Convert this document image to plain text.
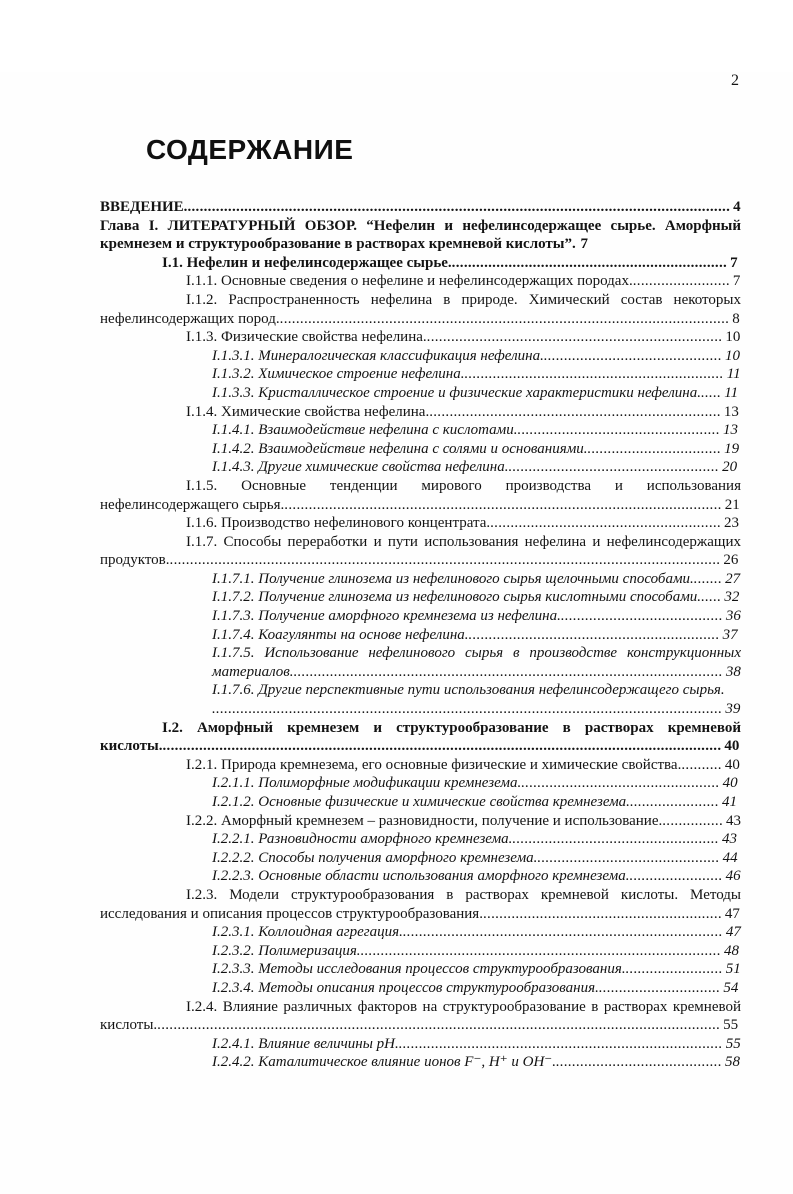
2
СОДЕРЖАНИЕ
ВВЕДЕНИЕ....................................................................................................................................... 4
Глава I. ЛИТЕРАТУРНЫЙ ОБЗОР. “Нефелин и нефелинсодержащее сырье. Аморфный кремнезем и структурообразование в растворах кремневой кислоты”. 7
I.1. Нефелин и нефелинсодержащее сырье..................................................................... 7
I.1.1. Основные сведения о нефелине и нефелинсодержащих породах......................... 7
I.1.2. Распространенность нефелина в природе. Химический состав некоторых нефелинсодержащих пород................................................................................................................ 8
I.1.3. Физические свойства нефелина.......................................................................... 10
I.1.3.1. Минералогическая классификация нефелина............................................. 10
I.1.3.2. Химическое строение нефелина................................................................. 11
I.1.3.3. Кристаллическое строение и физические характеристики нефелина...... 11
I.1.4. Химические свойства нефелина......................................................................... 13
I.1.4.1. Взаимодействие нефелина с кислотами................................................... 13
I.1.4.2. Взаимодействие нефелина с солями и основаниями.................................. 19
I.1.4.3. Другие химические свойства нефелина..................................................... 20
I.1.5. Основные тенденции мирового производства и использования нефелинсодержащего сырья............................................................................................................. 21
I.1.6. Производство нефелинового концентрата.......................................................... 23
I.1.7. Способы переработки и пути использования нефелина и нефелинсодержащих продуктов......................................................................................................................................... 26
I.1.7.1. Получение глинозема из нефелинового сырья щелочными способами........ 27
I.1.7.2. Получение глинозема из нефелинового сырья кислотными способами...... 32
I.1.7.3. Получение аморфного кремнезема из нефелина......................................... 36
I.1.7.4. Коагулянты на основе нефелина............................................................... 37
I.1.7.5. Использование нефелинового сырья в производстве конструкционных материалов........................................................................................................... 38
I.1.7.6. Другие перспективные пути использования нефелинсодержащего сырья.
.............................................................................................................................. 39
I.2. Аморфный кремнезем и структурообразование в растворах кремневой кислоты........................................................................................................................................... 40
I.2.1. Природа кремнезема, его основные физические и химические свойства........... 40
I.2.1.1. Полиморфные модификации кремнезема.................................................. 40
I.2.1.2. Основные физические и химические свойства кремнезема....................... 41
I.2.2. Аморфный кремнезем – разновидности, получение и использование................ 43
I.2.2.1. Разновидности аморфного кремнезема.................................................... 43
I.2.2.2. Способы получения аморфного кремнезема.............................................. 44
I.2.2.3. Основные области использования аморфного кремнезема........................ 46
I.2.3. Модели структурообразования в растворах кремневой кислоты. Методы исследования и описания процессов структурообразования............................................................ 47
I.2.3.1. Коллоидная агрегация................................................................................ 47
I.2.3.2. Полимеризация.......................................................................................... 48
I.2.3.3. Методы исследования процессов структурообразования......................... 51
I.2.3.4. Методы описания процессов структурообразования............................... 54
I.2.4. Влияние различных факторов на структурообразование в растворах кремневой кислоты............................................................................................................................................ 55
I.2.4.1. Влияние величины pH................................................................................. 55
I.2.4.2. Каталитическое влияние ионов F⁻, H⁺ и OH⁻.......................................... 58
